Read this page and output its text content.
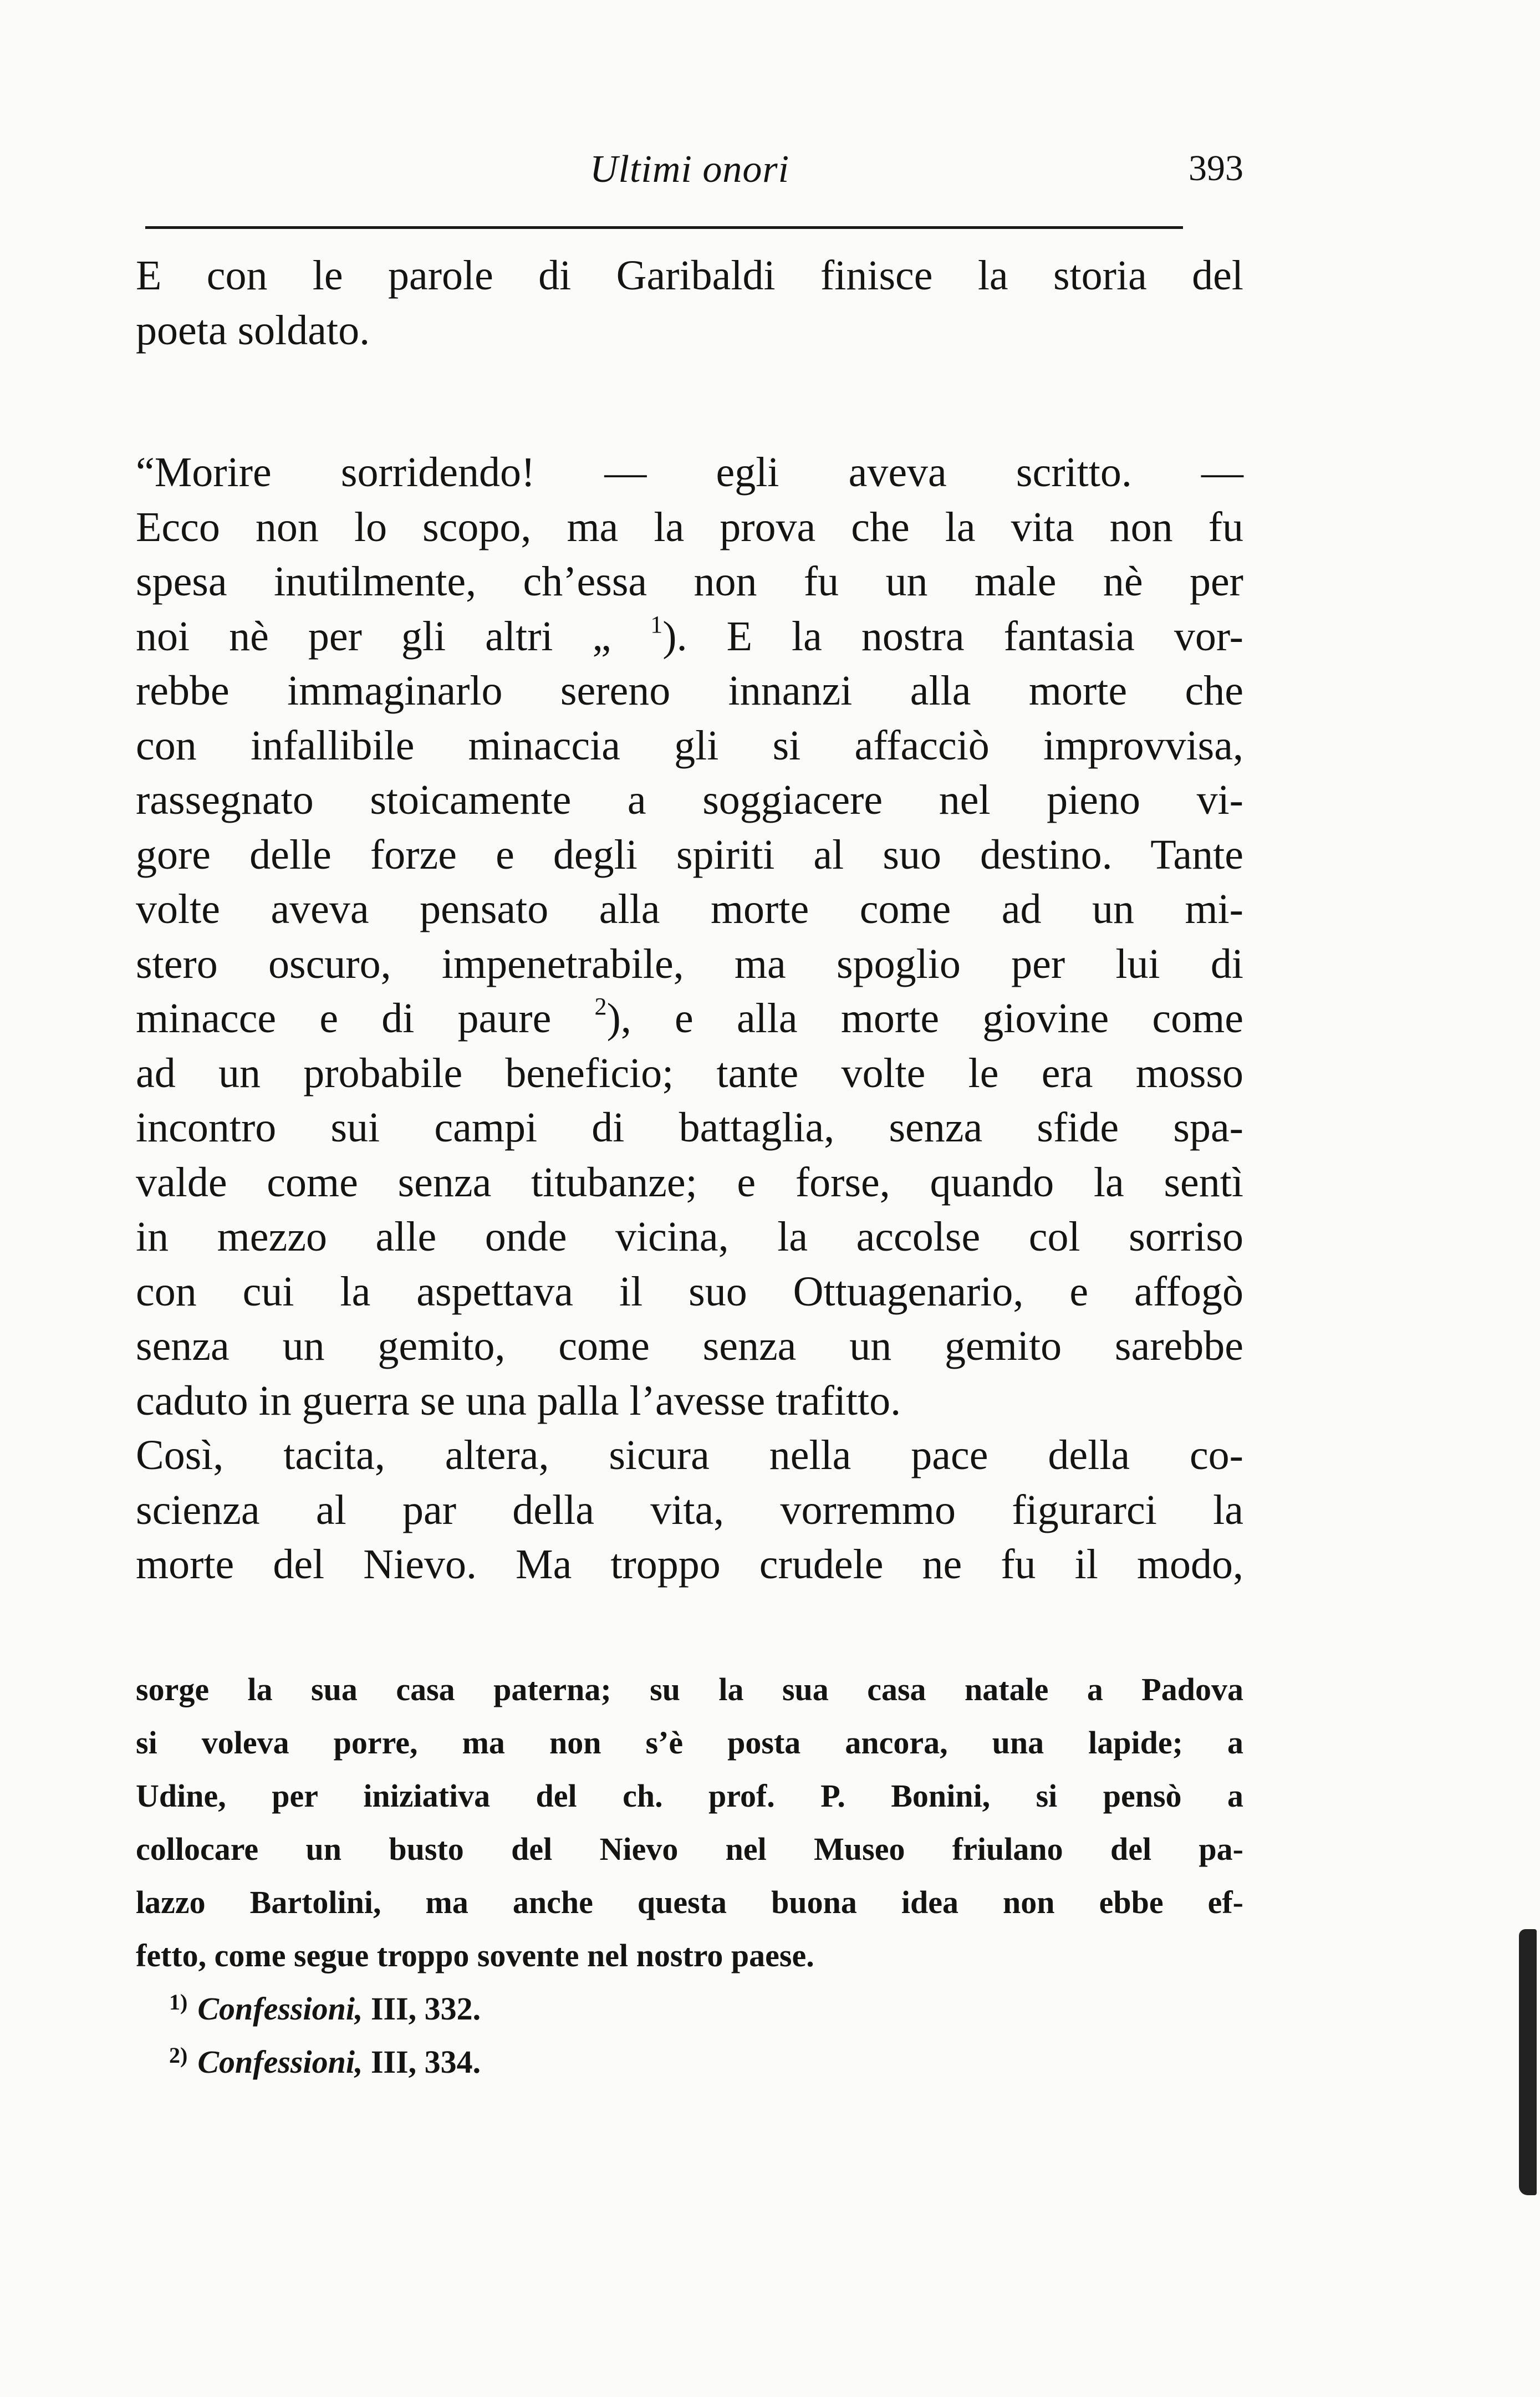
Ultimi onori	393
E con le parole di Garibaldi finisce la storia del
poeta soldato.
“Morire sorridendo! — egli aveva scritto. —
Ecco non lo scopo, ma la prova che la vita non fu
spesa inutilmente, ch’essa non fu un male nè per
noi nè per gli altri „ $^1$). E la nostra fantasia vor-
rebbe immaginarlo sereno innanzi alla morte che
con infallibile minaccia gli si affacciò improvvisa,
rassegnato stoicamente a soggiacere nel pieno vi-
gore delle forze e degli spiriti al suo destino. Tante
volte aveva pensato alla morte come ad un mi-
stero oscuro, impenetrabile, ma spoglio per lui di
minacce e di paure $^2$), e alla morte giovine come
ad un probabile beneficio; tante volte le era mosso
incontro sui campi di battaglia, senza sfide spa-
valde come senza titubanze; e forse, quando la sentì
in mezzo alle onde vicina, la accolse col sorriso
con cui la aspettava il suo Ottuagenario, e affogò
senza un gemito, come senza un gemito sarebbe
caduto in guerra se una palla l’avesse trafitto.
Così, tacita, altera, sicura nella pace della co-
scienza al par della vita, vorremmo figurarci la
morte del Nievo. Ma troppo crudele ne fu il modo,
sorge la sua casa paterna; su la sua casa natale a Padova
si voleva porre, ma non s’è posta ancora, una lapide; a
Udine, per iniziativa del ch. prof. P. Bonini, si pensò a
collocare un busto del Nievo nel Museo friulano del pa-
lazzo Bartolini, ma anche questa buona idea non ebbe ef-
fetto, come segue troppo sovente nel nostro paese.
$^{1)}$ Confessioni, III, 332.
$^{2)}$ Confessioni, III, 334.
